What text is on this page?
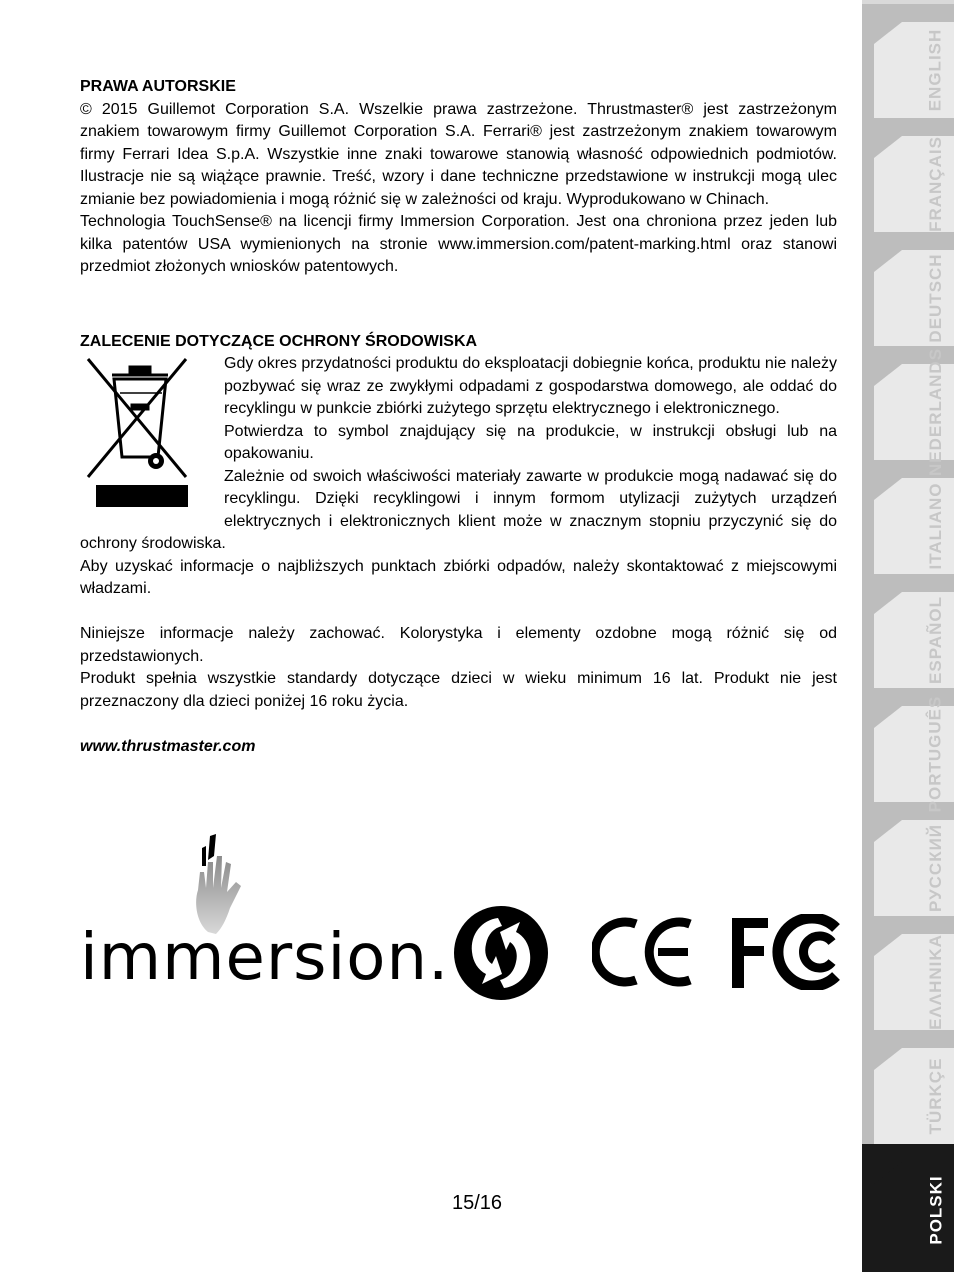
PRAWA AUTORSKIE

© 2015 Guillemot Corporation S.A. Wszelkie prawa zastrzeżone. Thrustmaster® jest zastrzeżonym znakiem towarowym firmy Guillemot Corporation S.A. Ferrari® jest zastrzeżonym znakiem towarowym firmy Ferrari Idea S.p.A. Wszystkie inne znaki towarowe stanowią własność odpowiednich podmiotów. Ilustracje nie są wiążące prawnie. Treść, wzory i dane techniczne przedstawione w instrukcji mogą ulec zmianie bez powiadomienia i mogą różnić się w zależności od kraju. Wyprodukowano w Chinach.

Technologia TouchSense® na licencji firmy Immersion Corporation. Jest ona chroniona przez jeden lub kilka patentów USA wymienionych na stronie www.immersion.com/patent-marking.html oraz stanowi przedmiot złożonych wniosków patentowych.

ZALECENIE DOTYCZĄCE OCHRONY ŚRODOWISKA

Gdy okres przydatności produktu do eksploatacji dobiegnie końca, produktu nie należy pozbywać się wraz ze zwykłymi odpadami z gospodarstwa domowego, ale oddać do recyklingu w punkcie zbiórki zużytego sprzętu elektrycznego i elektronicznego.

Potwierdza to symbol znajdujący się na produkcie, w instrukcji obsługi lub na opakowaniu.

Zależnie od swoich właściwości materiały zawarte w produkcie mogą nadawać się do recyklingu. Dzięki recyklingowi i innym formom utylizacji zużytych urządzeń elektrycznych i elektronicznych klient może w znacznym stopniu przyczynić się do ochrony środowiska.

Aby uzyskać informacje o najbliższych punktach zbiórki odpadów, należy skontaktować z miejscowymi władzami.

Niniejsze informacje należy zachować. Kolorystyka i elementy ozdobne mogą różnić się od przedstawionych.

Produkt spełnia wszystkie standardy dotyczące dzieci w wieku minimum 16 lat. Produkt nie jest przeznaczony dla dzieci poniżej 16 roku życia.

www.thrustmaster.com

immersion.
15/16
ENGLISH
FRANÇAIS
DEUTSCH
NEDERLANDS
ITALIANO
ESPAÑOL
PORTUGUÊS
РУССКИЙ
ΕΛΛΗΝΙΚΑ
TÜRKÇE
POLSKI
